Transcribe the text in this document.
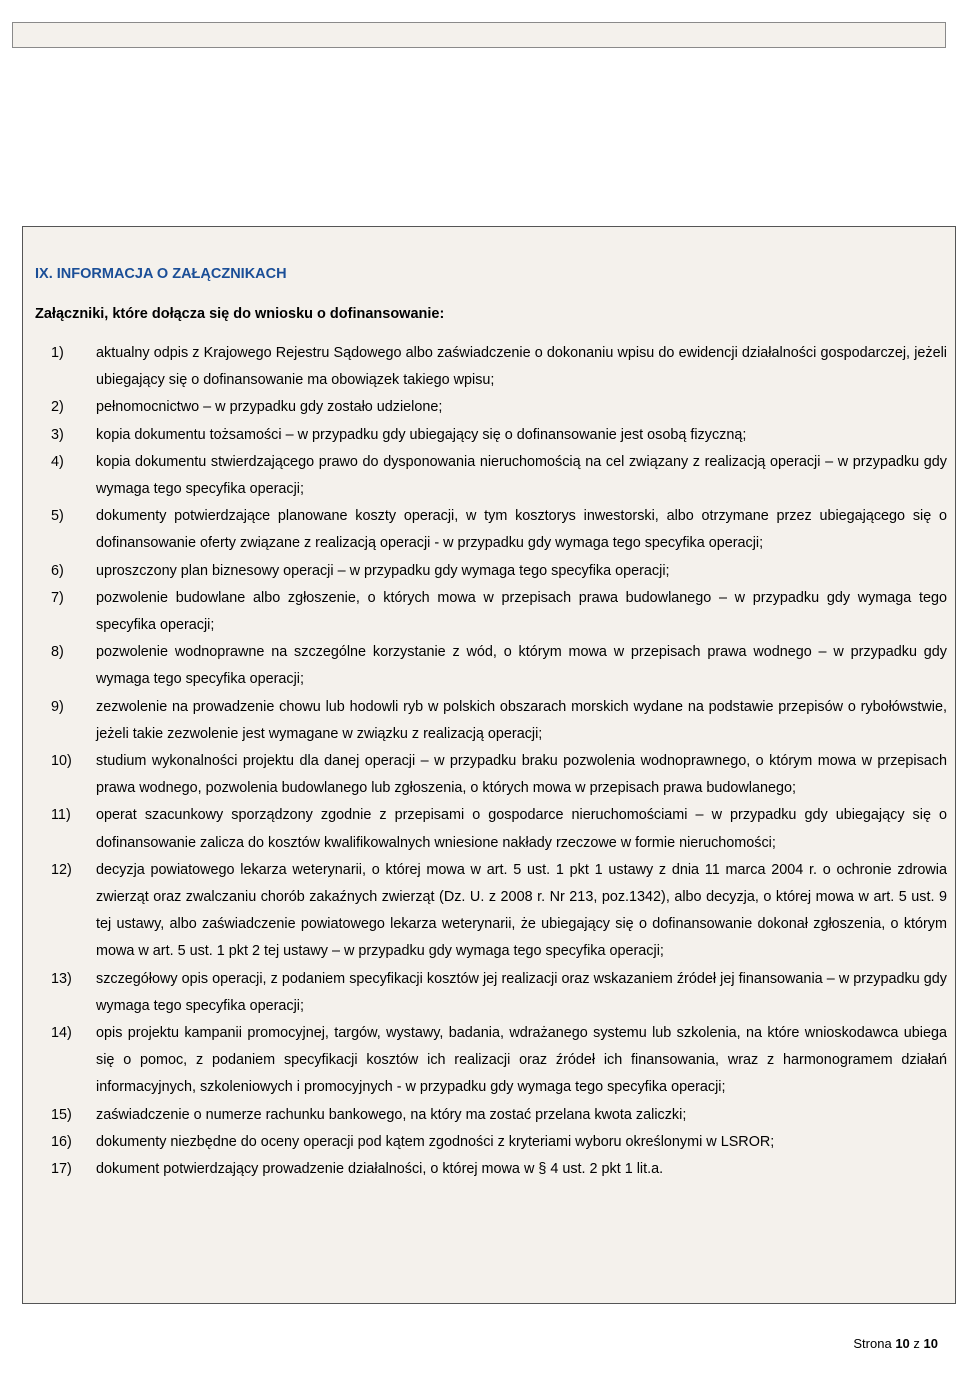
IX. INFORMACJA O ZAŁĄCZNIKACH
Załączniki, które dołącza się do wniosku o dofinansowanie:
1)	aktualny odpis z Krajowego Rejestru Sądowego albo zaświadczenie o dokonaniu wpisu do ewidencji działalności gospodarczej, jeżeli ubiegający się o dofinansowanie ma obowiązek takiego wpisu;
2)	pełnomocnictwo – w przypadku gdy zostało udzielone;
3)	kopia dokumentu tożsamości – w przypadku gdy ubiegający się o dofinansowanie jest osobą fizyczną;
4)	kopia dokumentu stwierdzającego prawo do dysponowania nieruchomością na cel związany z realizacją operacji – w przypadku gdy wymaga tego specyfika operacji;
5)	dokumenty potwierdzające planowane koszty operacji, w tym kosztorys inwestorski, albo otrzymane przez ubiegającego się o dofinansowanie oferty związane z realizacją operacji - w przypadku gdy wymaga tego specyfika operacji;
6)	uproszczony plan biznesowy operacji – w przypadku gdy wymaga tego specyfika operacji;
7)	pozwolenie budowlane albo zgłoszenie, o których mowa w przepisach prawa budowlanego – w przypadku gdy wymaga tego specyfika operacji;
8)	pozwolenie wodnoprawne na szczególne korzystanie z wód, o którym mowa w przepisach prawa wodnego – w przypadku gdy wymaga tego specyfika operacji;
9)	zezwolenie na prowadzenie chowu lub hodowli ryb w polskich obszarach morskich wydane na podstawie przepisów o rybołówstwie, jeżeli takie zezwolenie jest wymagane w związku z realizacją operacji;
10)	studium wykonalności projektu dla danej operacji – w przypadku braku pozwolenia wodnoprawnego, o którym mowa w przepisach prawa wodnego, pozwolenia budowlanego lub zgłoszenia, o których mowa w przepisach prawa budowlanego;
11)	operat szacunkowy sporządzony zgodnie z przepisami o gospodarce nieruchomościami – w przypadku gdy ubiegający się o dofinansowanie zalicza do kosztów kwalifikowalnych wniesione nakłady rzeczowe w formie nieruchomości;
12)	decyzja powiatowego lekarza weterynarii, o której mowa w art. 5 ust. 1 pkt 1 ustawy z dnia 11 marca 2004 r. o ochronie zdrowia zwierząt oraz zwalczaniu chorób zakaźnych zwierząt (Dz. U. z 2008 r. Nr 213, poz.1342), albo decyzja, o której mowa w art. 5 ust. 9 tej ustawy, albo zaświadczenie powiatowego lekarza weterynarii, że ubiegający się o dofinansowanie dokonał zgłoszenia, o którym mowa w art. 5 ust. 1 pkt 2 tej ustawy – w przypadku gdy wymaga tego specyfika operacji;
13)	szczegółowy opis operacji, z podaniem specyfikacji kosztów jej realizacji oraz wskazaniem źródeł jej finansowania – w przypadku gdy wymaga tego specyfika operacji;
14)	opis projektu kampanii promocyjnej, targów, wystawy, badania, wdrażanego systemu lub szkolenia, na które wnioskodawca ubiega się o pomoc, z podaniem specyfikacji kosztów ich realizacji oraz źródeł ich finansowania, wraz z harmonogramem działań informacyjnych, szkoleniowych i promocyjnych - w przypadku gdy wymaga tego specyfika operacji;
15)	zaświadczenie o numerze rachunku bankowego, na który ma zostać przelana kwota zaliczki;
16)	dokumenty niezbędne do oceny operacji pod kątem zgodności z kryteriami wyboru określonymi w LSROR;
17)	dokument potwierdzający prowadzenie działalności, o której mowa w § 4 ust. 2 pkt 1 lit.a.
Strona 10 z 10
